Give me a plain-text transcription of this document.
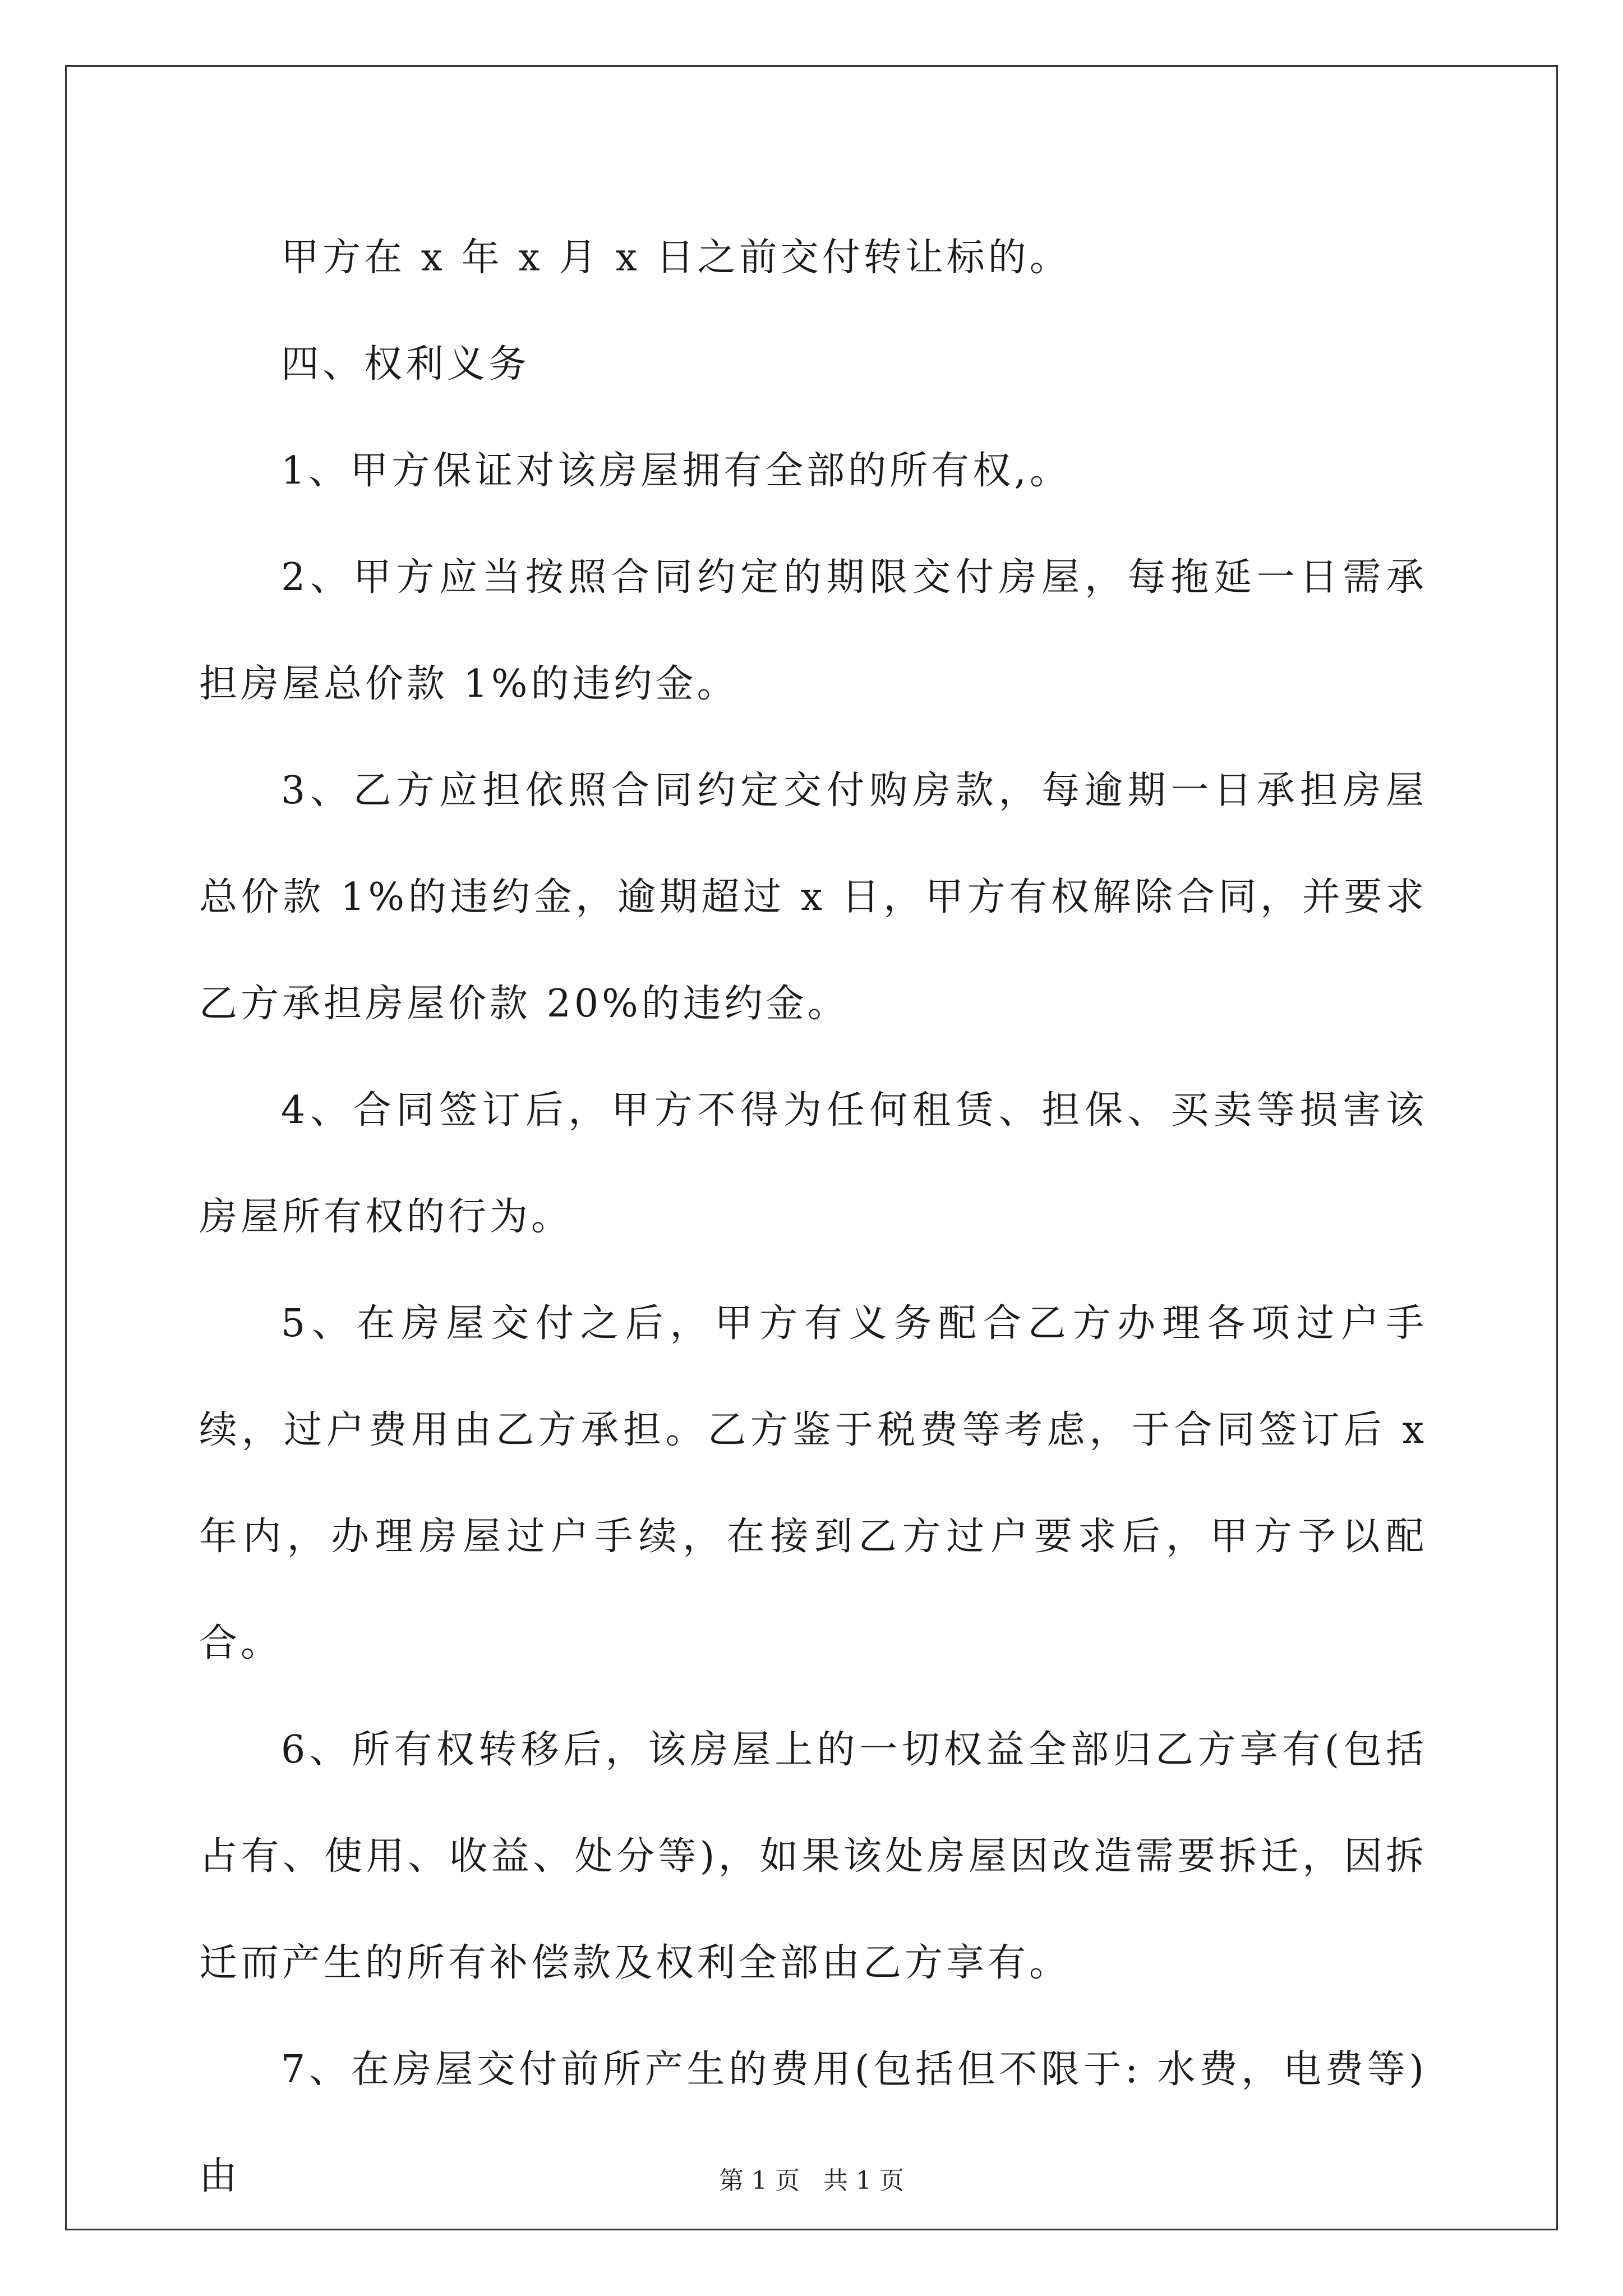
甲方在 x 年 x 月 x 日之前交付转让标的。

四、权利义务

1、甲方保证对该房屋拥有全部的所有权,。

2、甲方应当按照合同约定的期限交付房屋，每拖延一日需承担房屋总价款 1%的违约金。

3、乙方应担依照合同约定交付购房款，每逾期一日承担房屋总价款 1%的违约金，逾期超过 x 日，甲方有权解除合同，并要求乙方承担房屋价款 20%的违约金。

4、合同签订后，甲方不得为任何租赁、担保、买卖等损害该房屋所有权的行为。

5、在房屋交付之后，甲方有义务配合乙方办理各项过户手续，过户费用由乙方承担。乙方鉴于税费等考虑，于合同签订后 x 年内，办理房屋过户手续，在接到乙方过户要求后，甲方予以配合。

6、所有权转移后，该房屋上的一切权益全部归乙方享有(包括占有、使用、收益、处分等)，如果该处房屋因改造需要拆迁，因拆迁而产生的所有补偿款及权利全部由乙方享有。

7、在房屋交付前所产生的费用(包括但不限于: 水费，电费等)由	第 1 页   共 1 页
